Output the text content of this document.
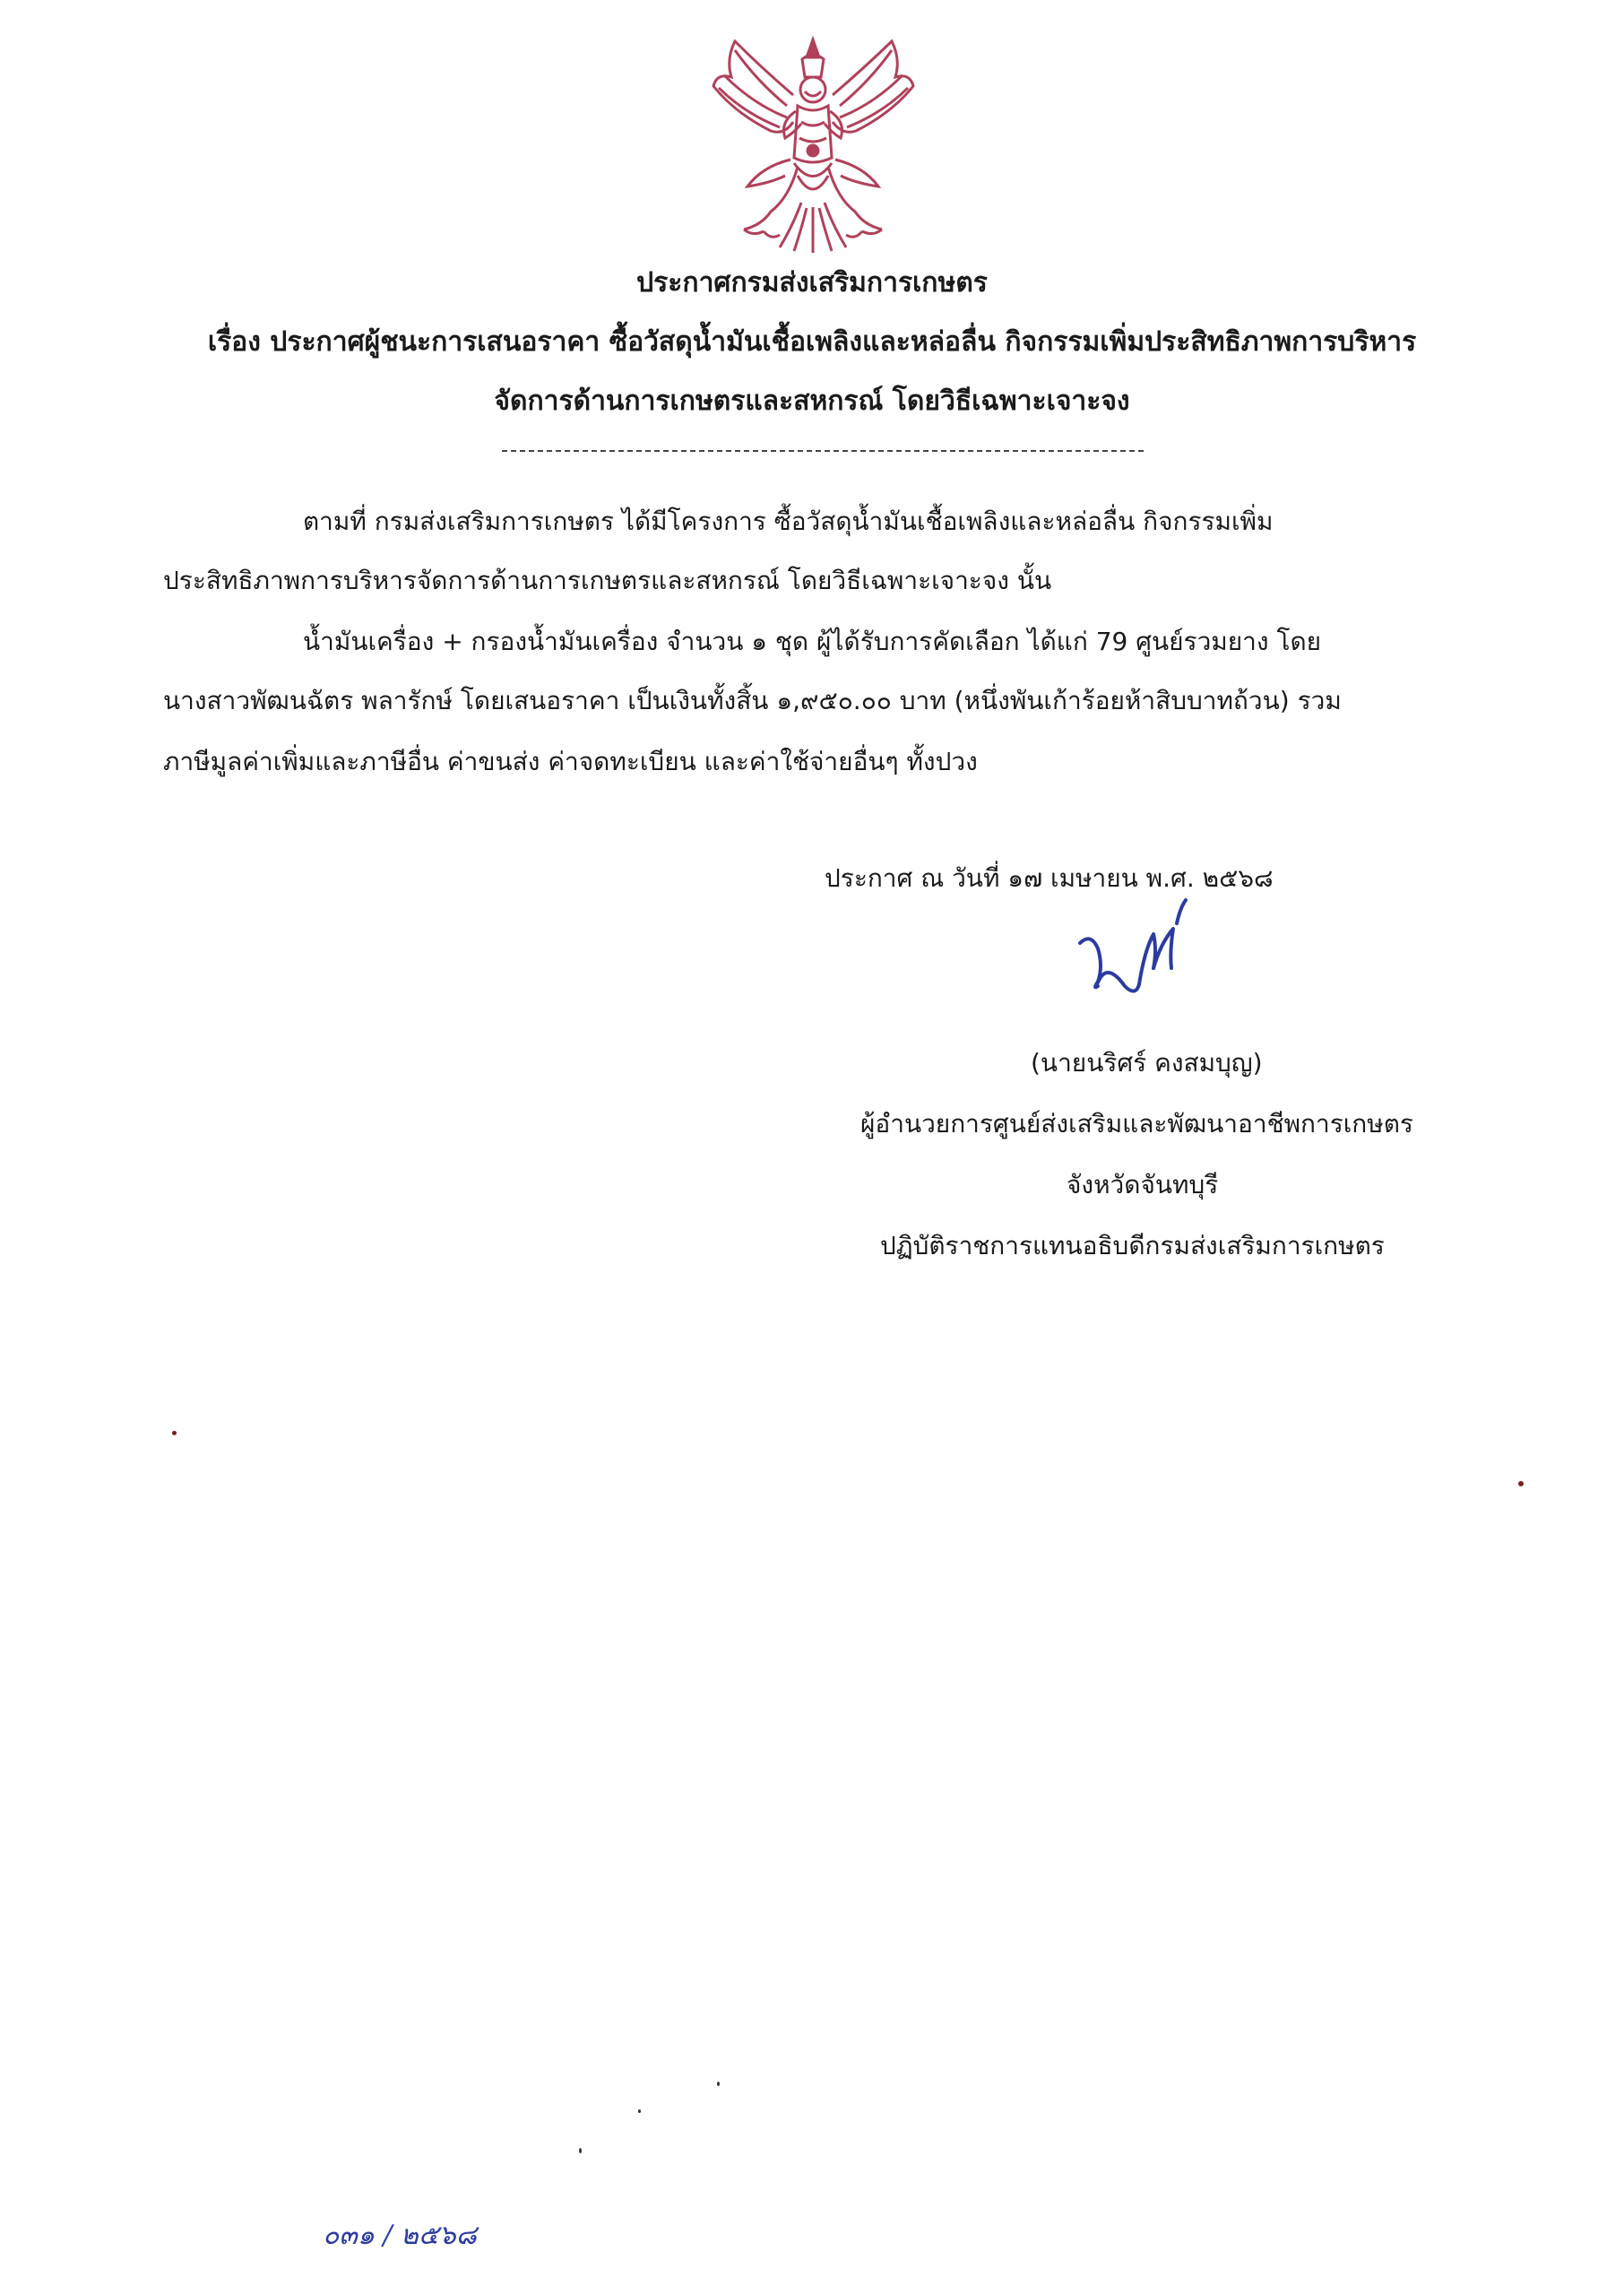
ประกาศกรมส่งเสริมการเกษตร
เรื่อง ประกาศผู้ชนะการเสนอราคา ซื้อวัสดุน้ำมันเชื้อเพลิงและหล่อลื่น กิจกรรมเพิ่มประสิทธิภาพการบริหาร
จัดการด้านการเกษตรและสหกรณ์ โดยวิธีเฉพาะเจาะจง
ตามที่ กรมส่งเสริมการเกษตร ได้มีโครงการ ซื้อวัสดุน้ำมันเชื้อเพลิงและหล่อลื่น กิจกรรมเพิ่ม
ประสิทธิภาพการบริหารจัดการด้านการเกษตรและสหกรณ์ โดยวิธีเฉพาะเจาะจง นั้น
น้ำมันเครื่อง + กรองน้ำมันเครื่อง จำนวน ๑ ชุด ผู้ได้รับการคัดเลือก ได้แก่ 79 ศูนย์รวมยาง โดย
นางสาวพัฒนฉัตร พลารักษ์ โดยเสนอราคา เป็นเงินทั้งสิ้น ๑,๙๕๐.๐๐ บาท (หนึ่งพันเก้าร้อยห้าสิบบาทถ้วน) รวม
ภาษีมูลค่าเพิ่มและภาษีอื่น ค่าขนส่ง ค่าจดทะเบียน และค่าใช้จ่ายอื่นๆ ทั้งปวง
ประกาศ ณ วันที่ ๑๗ เมษายน พ.ศ. ๒๕๖๘
(นายนริศร์ คงสมบุญ)
ผู้อำนวยการศูนย์ส่งเสริมและพัฒนาอาชีพการเกษตร
จังหวัดจันทบุรี
ปฏิบัติราชการแทนอธิบดีกรมส่งเสริมการเกษตร
๐๓๑ / ๒๕๖๘
